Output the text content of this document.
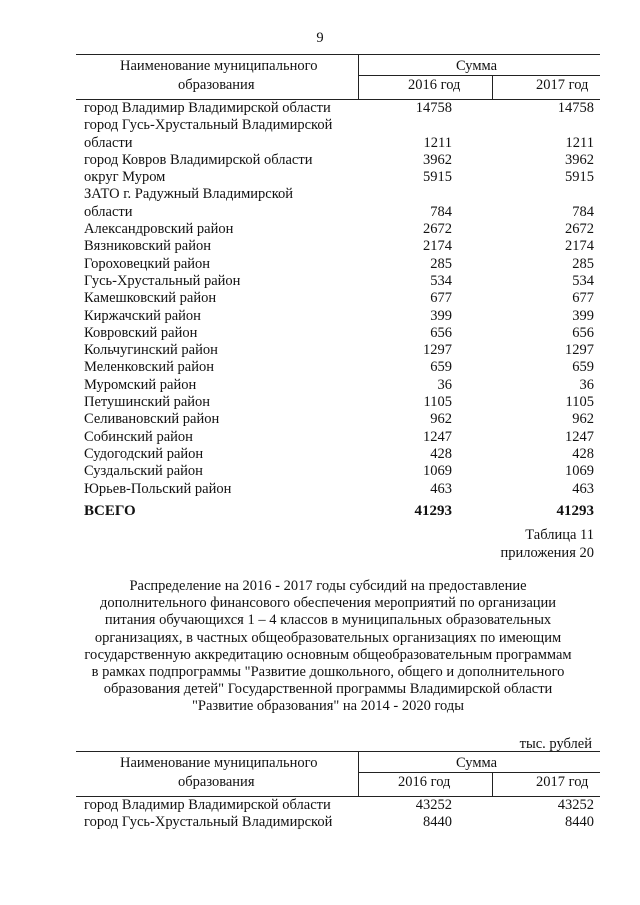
9
Наименование муниципального
образования
Сумма
2016 год	2017 год
город Владимир Владимирской области	14758	14758
город Гусь-Хрустальный Владимирской
области	1211	1211
город Ковров Владимирской области	3962	3962
округ Муром	5915	5915
ЗАТО г. Радужный Владимирской
области	784	784
Александровский район	2672	2672
Вязниковский район	2174	2174
Гороховецкий район	285	285
Гусь-Хрустальный район	534	534
Камешковский район	677	677
Киржачский район	399	399
Ковровский район	656	656
Кольчугинский район	1297	1297
Меленковский район	659	659
Муромский район	36	36
Петушинский район	1105	1105
Селивановский район	962	962
Собинский район	1247	1247
Судогодский район	428	428
Суздальский район	1069	1069
Юрьев-Польский район	463	463
ВСЕГО	41293	41293
Таблица 11
приложения 20
Распределение на 2016 - 2017 годы субсидий на предоставление
дополнительного финансового обеспечения мероприятий по организации
питания обучающихся 1 – 4 классов в муниципальных образовательных
организациях, в частных общеобразовательных организациях по имеющим
государственную аккредитацию основным общеобразовательным программам
в рамках подпрограммы "Развитие дошкольного, общего и дополнительного
образования детей" Государственной программы Владимирской области
"Развитие образования" на 2014 - 2020 годы
тыс. рублей
Наименование муниципального
образования
Сумма
2016 год	2017 год
город Владимир Владимирской области	43252	43252
город Гусь-Хрустальный Владимирской	8440	8440
